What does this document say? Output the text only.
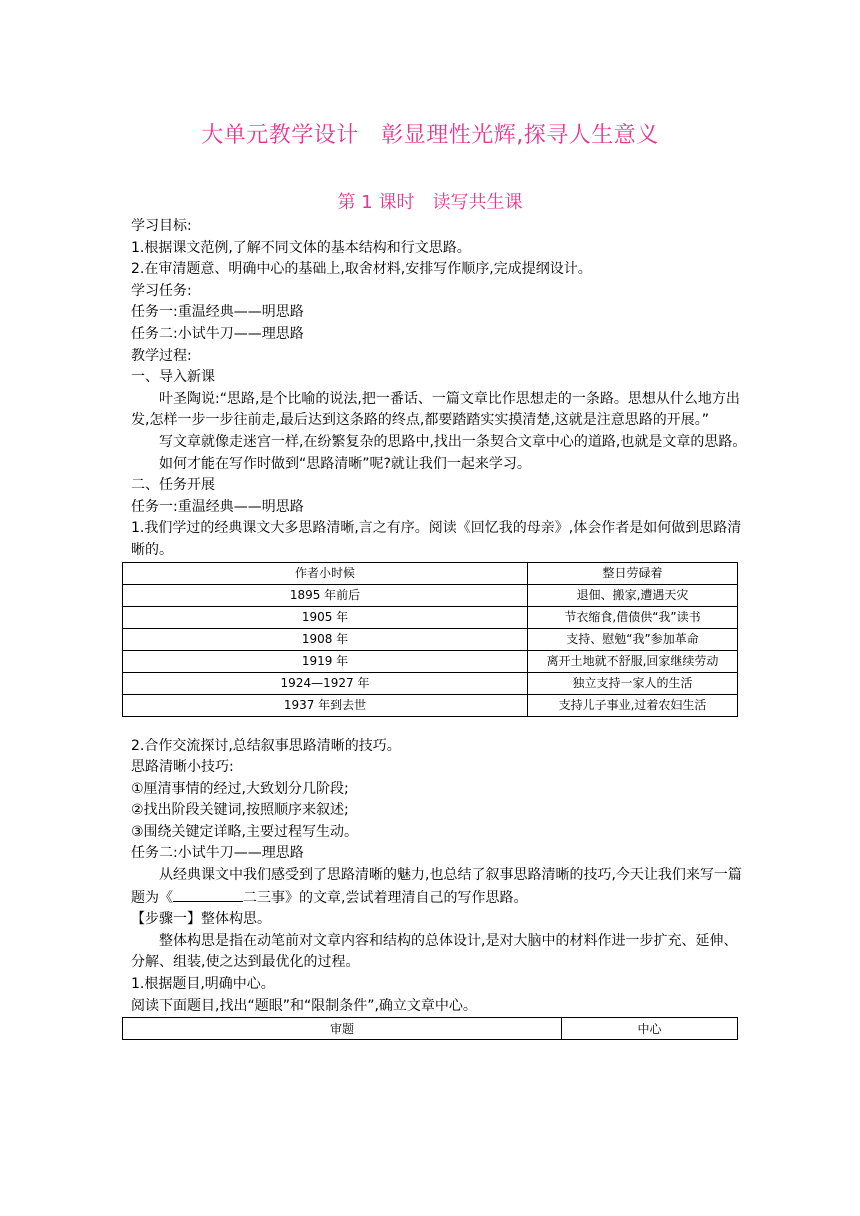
大单元教学设计　彰显理性光辉,探寻人生意义
第 1 课时　读写共生课

学习目标:

1.根据课文范例,了解不同文体的基本结构和行文思路。

2.在审清题意、明确中心的基础上,取舍材料,安排写作顺序,完成提纲设计。

学习任务:

任务一:重温经典——明思路

任务二:小试牛刀——理思路

教学过程:

一、导入新课

叶圣陶说:“思路,是个比喻的说法,把一番话、一篇文章比作思想走的一条路。思想从什么地方出发,怎样一步一步往前走,最后达到这条路的终点,都要踏踏实实摸清楚,这就是注意思路的开展。”

写文章就像走迷宫一样,在纷繁复杂的思路中,找出一条契合文章中心的道路,也就是文章的思路。

如何才能在写作时做到“思路清晰”呢?就让我们一起来学习。

二、任务开展

任务一:重温经典——明思路

1.我们学过的经典课文大多思路清晰,言之有序。阅读《回忆我的母亲》,体会作者是如何做到思路清晰的。

作者小时候	整日劳碌着
1895 年前后	退佃、搬家,遭遇天灾
1905 年	节衣缩食,借债供“我”读书
1908 年	支持、慰勉“我”参加革命
1919 年	离开土地就不舒服,回家继续劳动
1924—1927 年	独立支持一家人的生活
1937 年到去世	支持儿子事业,过着农妇生活

2.合作交流探讨,总结叙事思路清晰的技巧。

思路清晰小技巧:

①厘清事情的经过,大致划分几阶段;

②找出阶段关键词,按照顺序来叙述;

③围绕关键定详略,主要过程写生动。

任务二:小试牛刀——理思路

从经典课文中我们感受到了思路清晰的魅力,也总结了叙事思路清晰的技巧,今天让我们来写一篇题为《	二三事》的文章,尝试着理清自己的写作思路。

【步骤一】整体构思。

整体构思是指在动笔前对文章内容和结构的总体设计,是对大脑中的材料作进一步扩充、延伸、分解、组装,使之达到最优化的过程。

1.根据题目,明确中心。

阅读下面题目,找出“题眼”和“限制条件”,确立文章中心。

审题	中心
